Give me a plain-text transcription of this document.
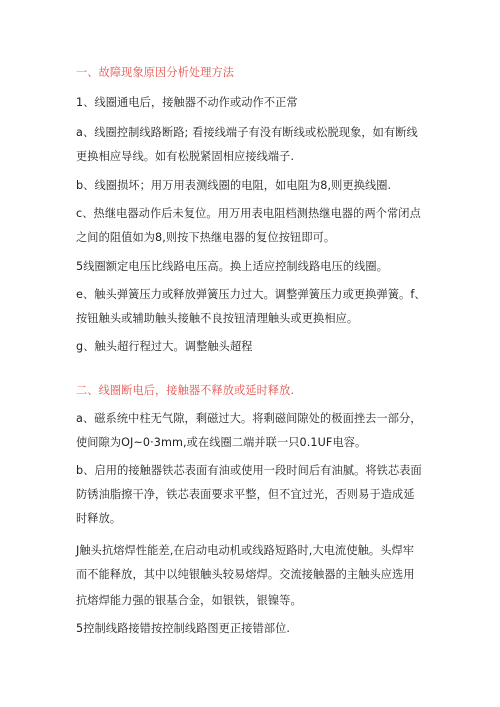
一、故障现象原因分析处理方法
1、线圈通电后，接触器不动作或动作不正常
a、线圈控制线路断路; 看接线端子有没有断线或松脱现象，如有断线
更换相应导线。如有松脱紧固相应接线端子.
b、线圈损坏；用万用表测线圈的电阻，如电阻为8,则更换线圈.
c、热继电器动作后未复位。用万用表电阻档测热继电器的两个常闭点
之间的阻值如为8,则按下热继电器的复位按钮即可。
5线圈额定电压比线路电压高。换上适应控制线路电压的线圈。
e、触头弹簧压力或释放弹簧压力过大。调整弹簧压力或更换弹簧。f、
按钮触头或辅助触头接触不良按钮清理触头或更换相应。
g、触头超行程过大。调整触头超程
二、线圈断电后，接触器不释放或延时释放.
a、磁系统中柱无气隙，剩磁过大。将剩磁间隙处的极面挫去一部分，
使间隙为OJ~0·3mm,或在线圈二端并联一只0.1UF电容。
b、启用的接触器铁芯表面有油或使用一段时间后有油腻。将铁芯表面
防锈油脂擦干净，铁芯表面要求平整，但不宜过光，否则易于造成延
时释放。
J触头抗熔焊性能差,在启动电动机或线路短路时,大电流使触。头焊牢
而不能释放，其中以纯银触头较易熔焊。交流接触器的主触头应选用
抗熔焊能力强的银基合金，如银铁，银镍等。
5控制线路接错按控制线路图更正接错部位.
